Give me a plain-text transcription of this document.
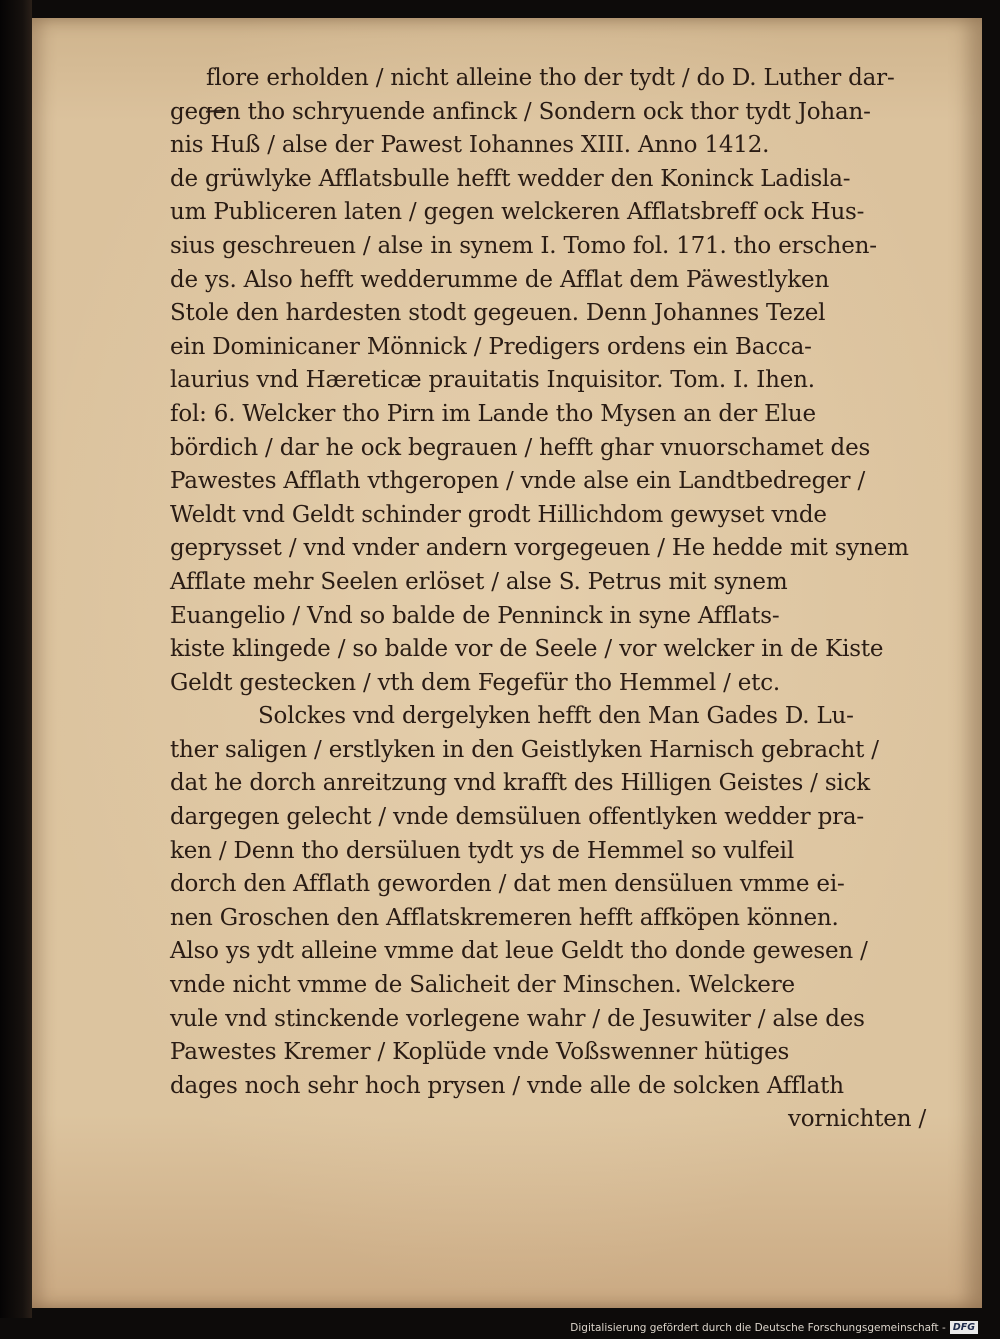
flore erholden / nicht alleine tho der tydt / do D. Luther dar-
gegen tho schryuende anfinck / Sondern ock thor tydt Johan-
nis Huß / alse der Pawest Iohannes XIII. Anno 1412.
de grüwlyke Afflatsbulle hefft wedder den Koninck Ladisla-
um Publiceren laten / gegen welckeren Afflatsbreff ock Hus-
sius geschreuen / alse in synem I. Tomo fol. 171. tho erschen-
de ys. Also hefft wedderumme de Afflat dem Päwestlyken
Stole den hardesten stodt gegeuen. Denn Johannes Tezel
ein Dominicaner Mönnick / Predigers ordens ein Bacca-
laurius vnd Hæreticæ prauitatis Inquisitor. Tom. I. Ihen.
fol: 6. Welcker tho Pirn im Lande tho Mysen an der Elue
bördich / dar he ock begrauen / hefft ghar vnuorschamet des
Pawestes Afflath vthgeropen / vnde alse ein Landtbedreger /
Weldt vnd Geldt schinder grodt Hillichdom gewyset vnde
geprysset / vnd vnder andern vorgegeuen / He hedde mit synem
Afflate mehr Seelen erlöset / alse S. Petrus mit synem
Euangelio / Vnd so balde de Penninck in syne Afflats-
kiste klingede / so balde vor de Seele / vor welcker in de Kiste
Geldt gestecken / vth dem Fegefür tho Hemmel / etc.
Solckes vnd dergelyken hefft den Man Gades D. Lu-
ther saligen / erstlyken in den Geistlyken Harnisch gebracht /
dat he dorch anreitzung vnd krafft des Hilligen Geistes / sick
dargegen gelecht / vnde demsüluen offentlyken wedder pra-
ken / Denn tho dersüluen tydt ys de Hemmel so vulfeil
dorch den Afflath geworden / dat men densüluen vmme ei-
nen Groschen den Afflatskremeren hefft affköpen können.
Also ys ydt alleine vmme dat leue Geldt tho donde gewesen /
vnde nicht vmme de Salicheit der Minschen. Welckere
vule vnd stinckende vorlegene wahr / de Jesuwiter / alse des
Pawestes Kremer / Koplüde vnde Voßswenner hütiges
dages noch sehr hoch prysen / vnde alle de solcken Afflath
vornichten /
Digitalisierung gefördert durch die Deutsche Forschungsgemeinschaft - DFG
